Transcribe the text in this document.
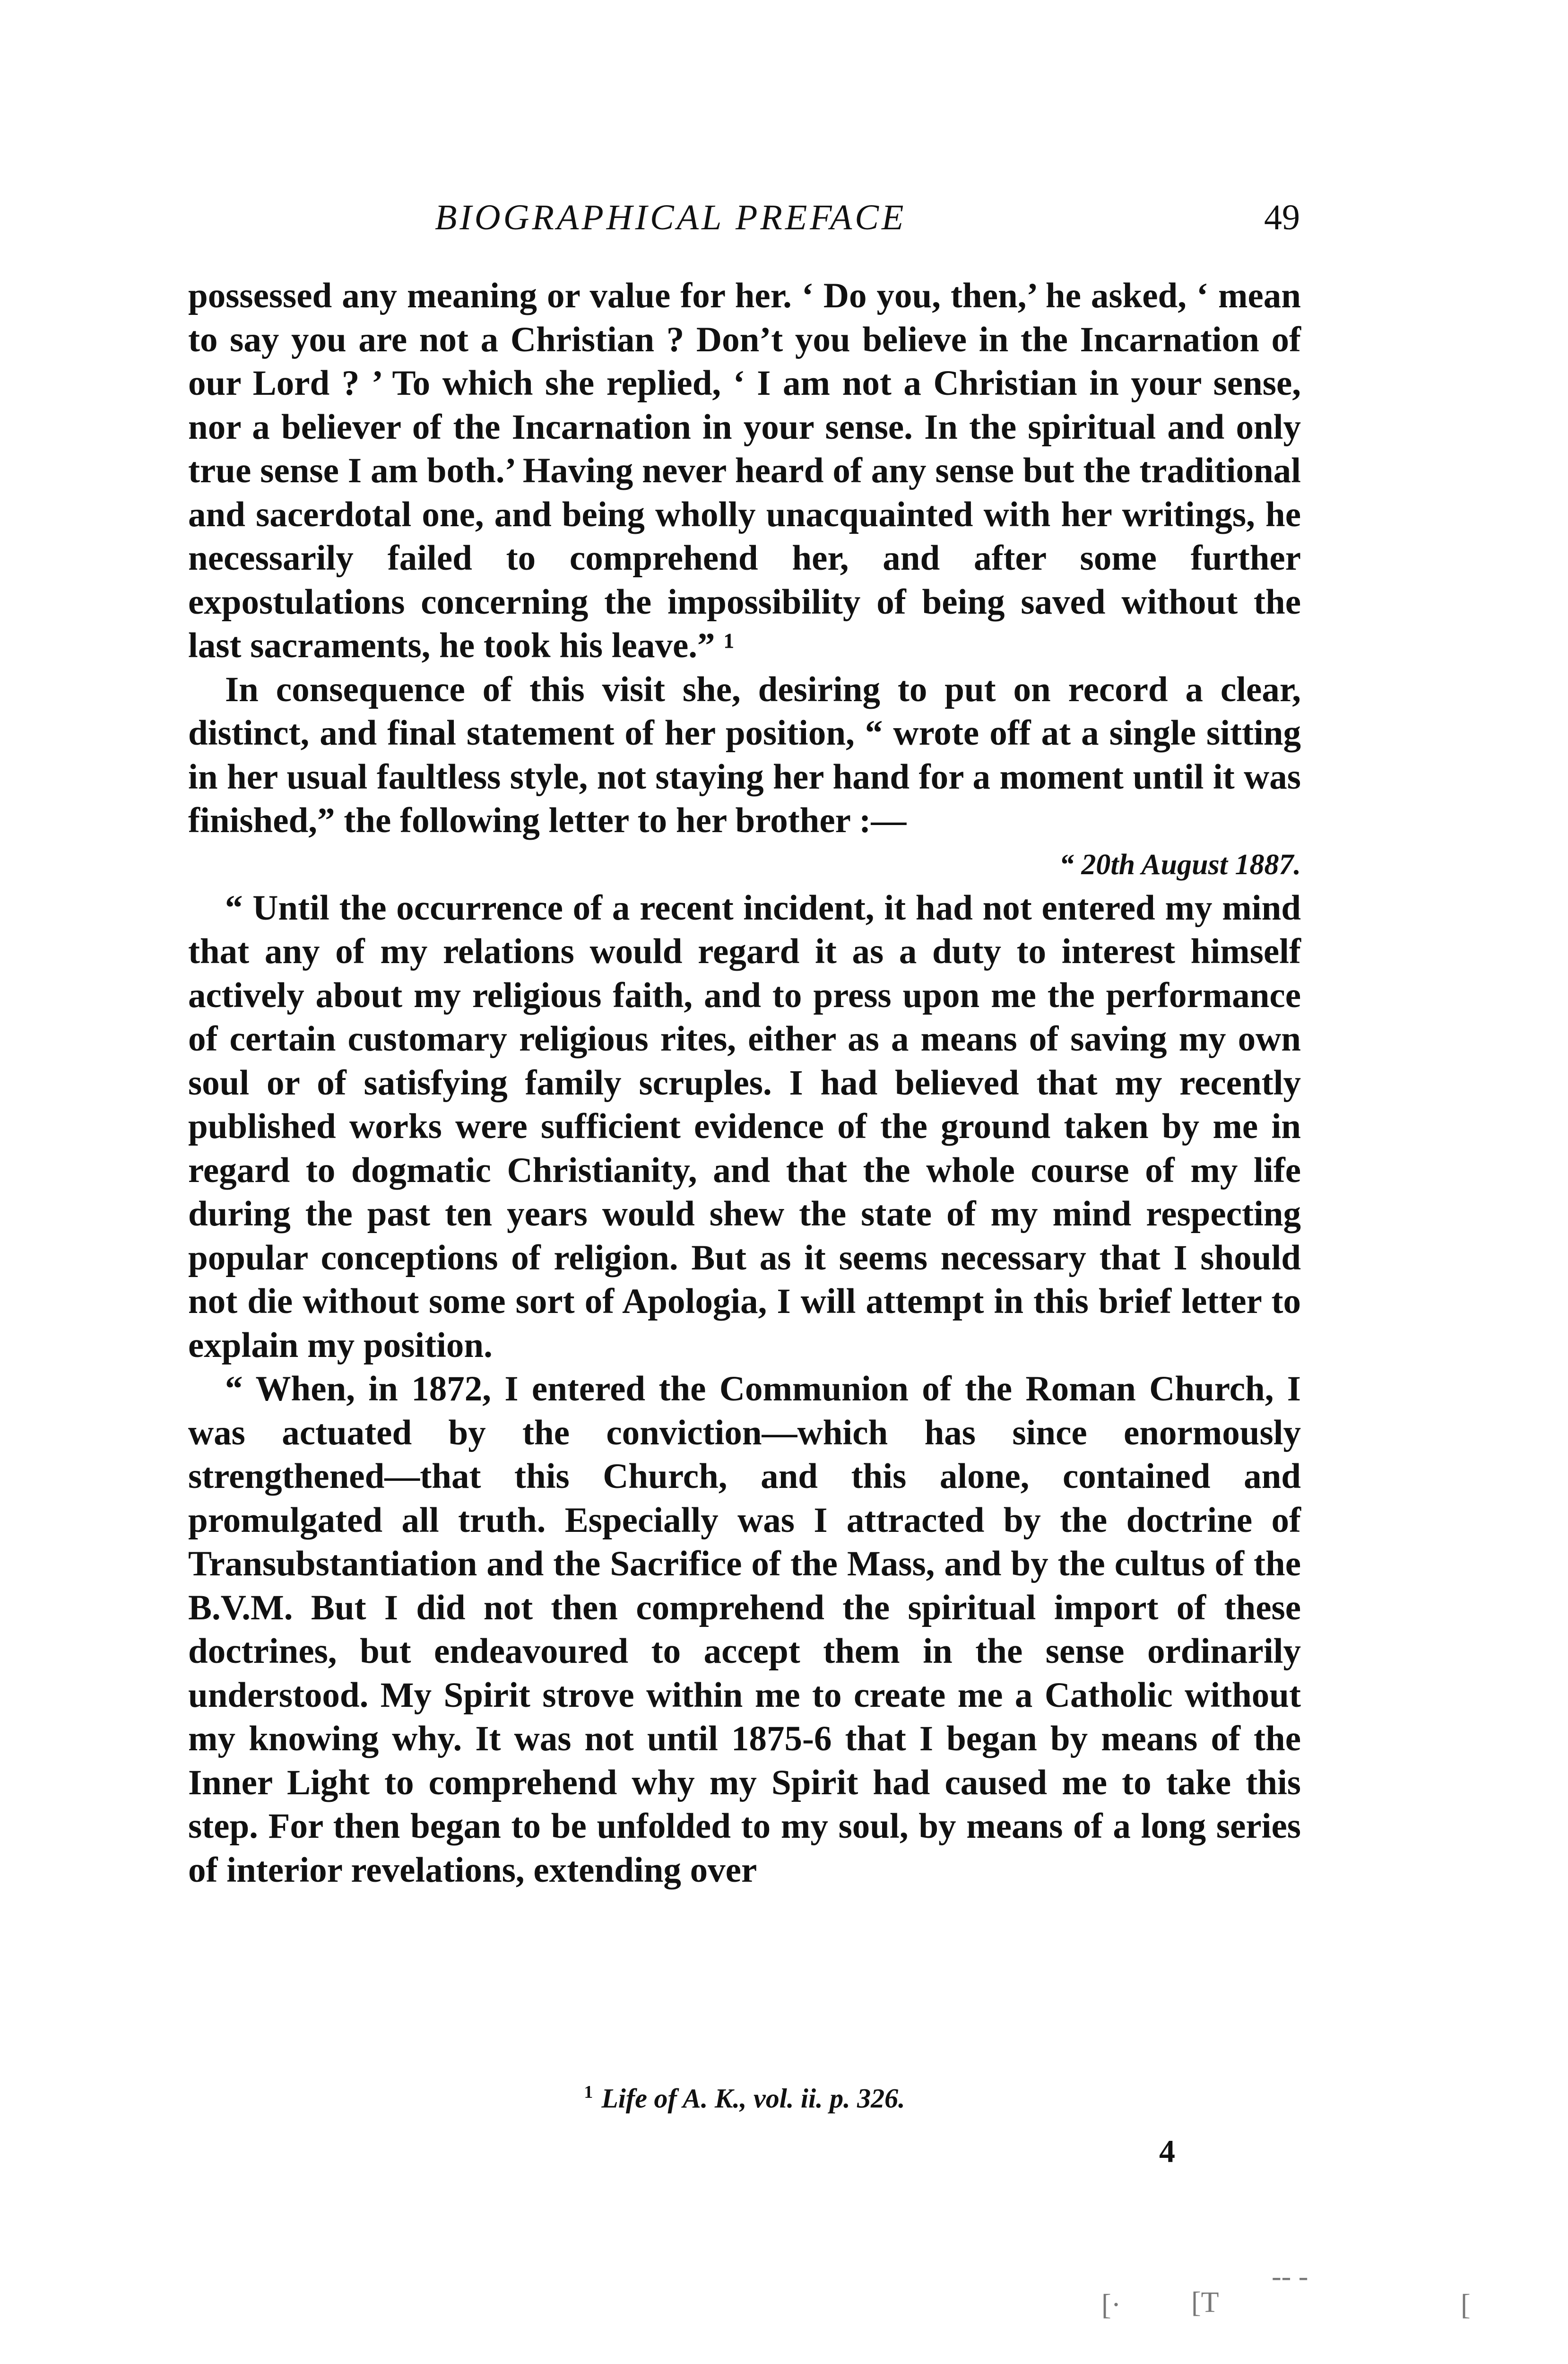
BIOGRAPHICAL PREFACE	49

possessed any meaning or value for her. ‘ Do you, then,’ he asked, ‘ mean to say you are not a Christian ? Don’t you believe in the Incarnation of our Lord ? ’ To which she replied, ‘ I am not a Christian in your sense, nor a believer of the Incarnation in your sense. In the spiritual and only true sense I am both.’ Having never heard of any sense but the traditional and sacerdotal one, and being wholly unacquainted with her writings, he necessarily failed to comprehend her, and after some further expostulations concerning the impossibility of being saved without the last sacraments, he took his leave.” ¹

In consequence of this visit she, desiring to put on record a clear, distinct, and final statement of her position, “ wrote off at a single sitting in her usual faultless style, not staying her hand for a moment until it was finished,” the following letter to her brother :—

“ 20th August 1887.

“ Until the occurrence of a recent incident, it had not entered my mind that any of my relations would regard it as a duty to interest himself actively about my religious faith, and to press upon me the performance of certain customary religious rites, either as a means of saving my own soul or of satisfying family scruples. I had believed that my recently published works were sufficient evidence of the ground taken by me in regard to dogmatic Christianity, and that the whole course of my life during the past ten years would shew the state of my mind respecting popular conceptions of religion. But as it seems necessary that I should not die without some sort of Apologia, I will attempt in this brief letter to explain my position.

“ When, in 1872, I entered the Communion of the Roman Church, I was actuated by the conviction—which has since enormously strengthened—that this Church, and this alone, contained and promulgated all truth. Especially was I attracted by the doctrine of Transubstantiation and the Sacrifice of the Mass, and by the cultus of the B.V.M. But I did not then comprehend the spiritual import of these doctrines, but endeavoured to accept them in the sense ordinarily understood. My Spirit strove within me to create me a Catholic without my knowing why. It was not until 1875-6 that I began by means of the Inner Light to comprehend why my Spirit had caused me to take this step. For then began to be unfolded to my soul, by means of a long series of interior revelations, extending over

$^1$ Life of A. K., vol. ii. p. 326.
4
[· [T
-- -
[
